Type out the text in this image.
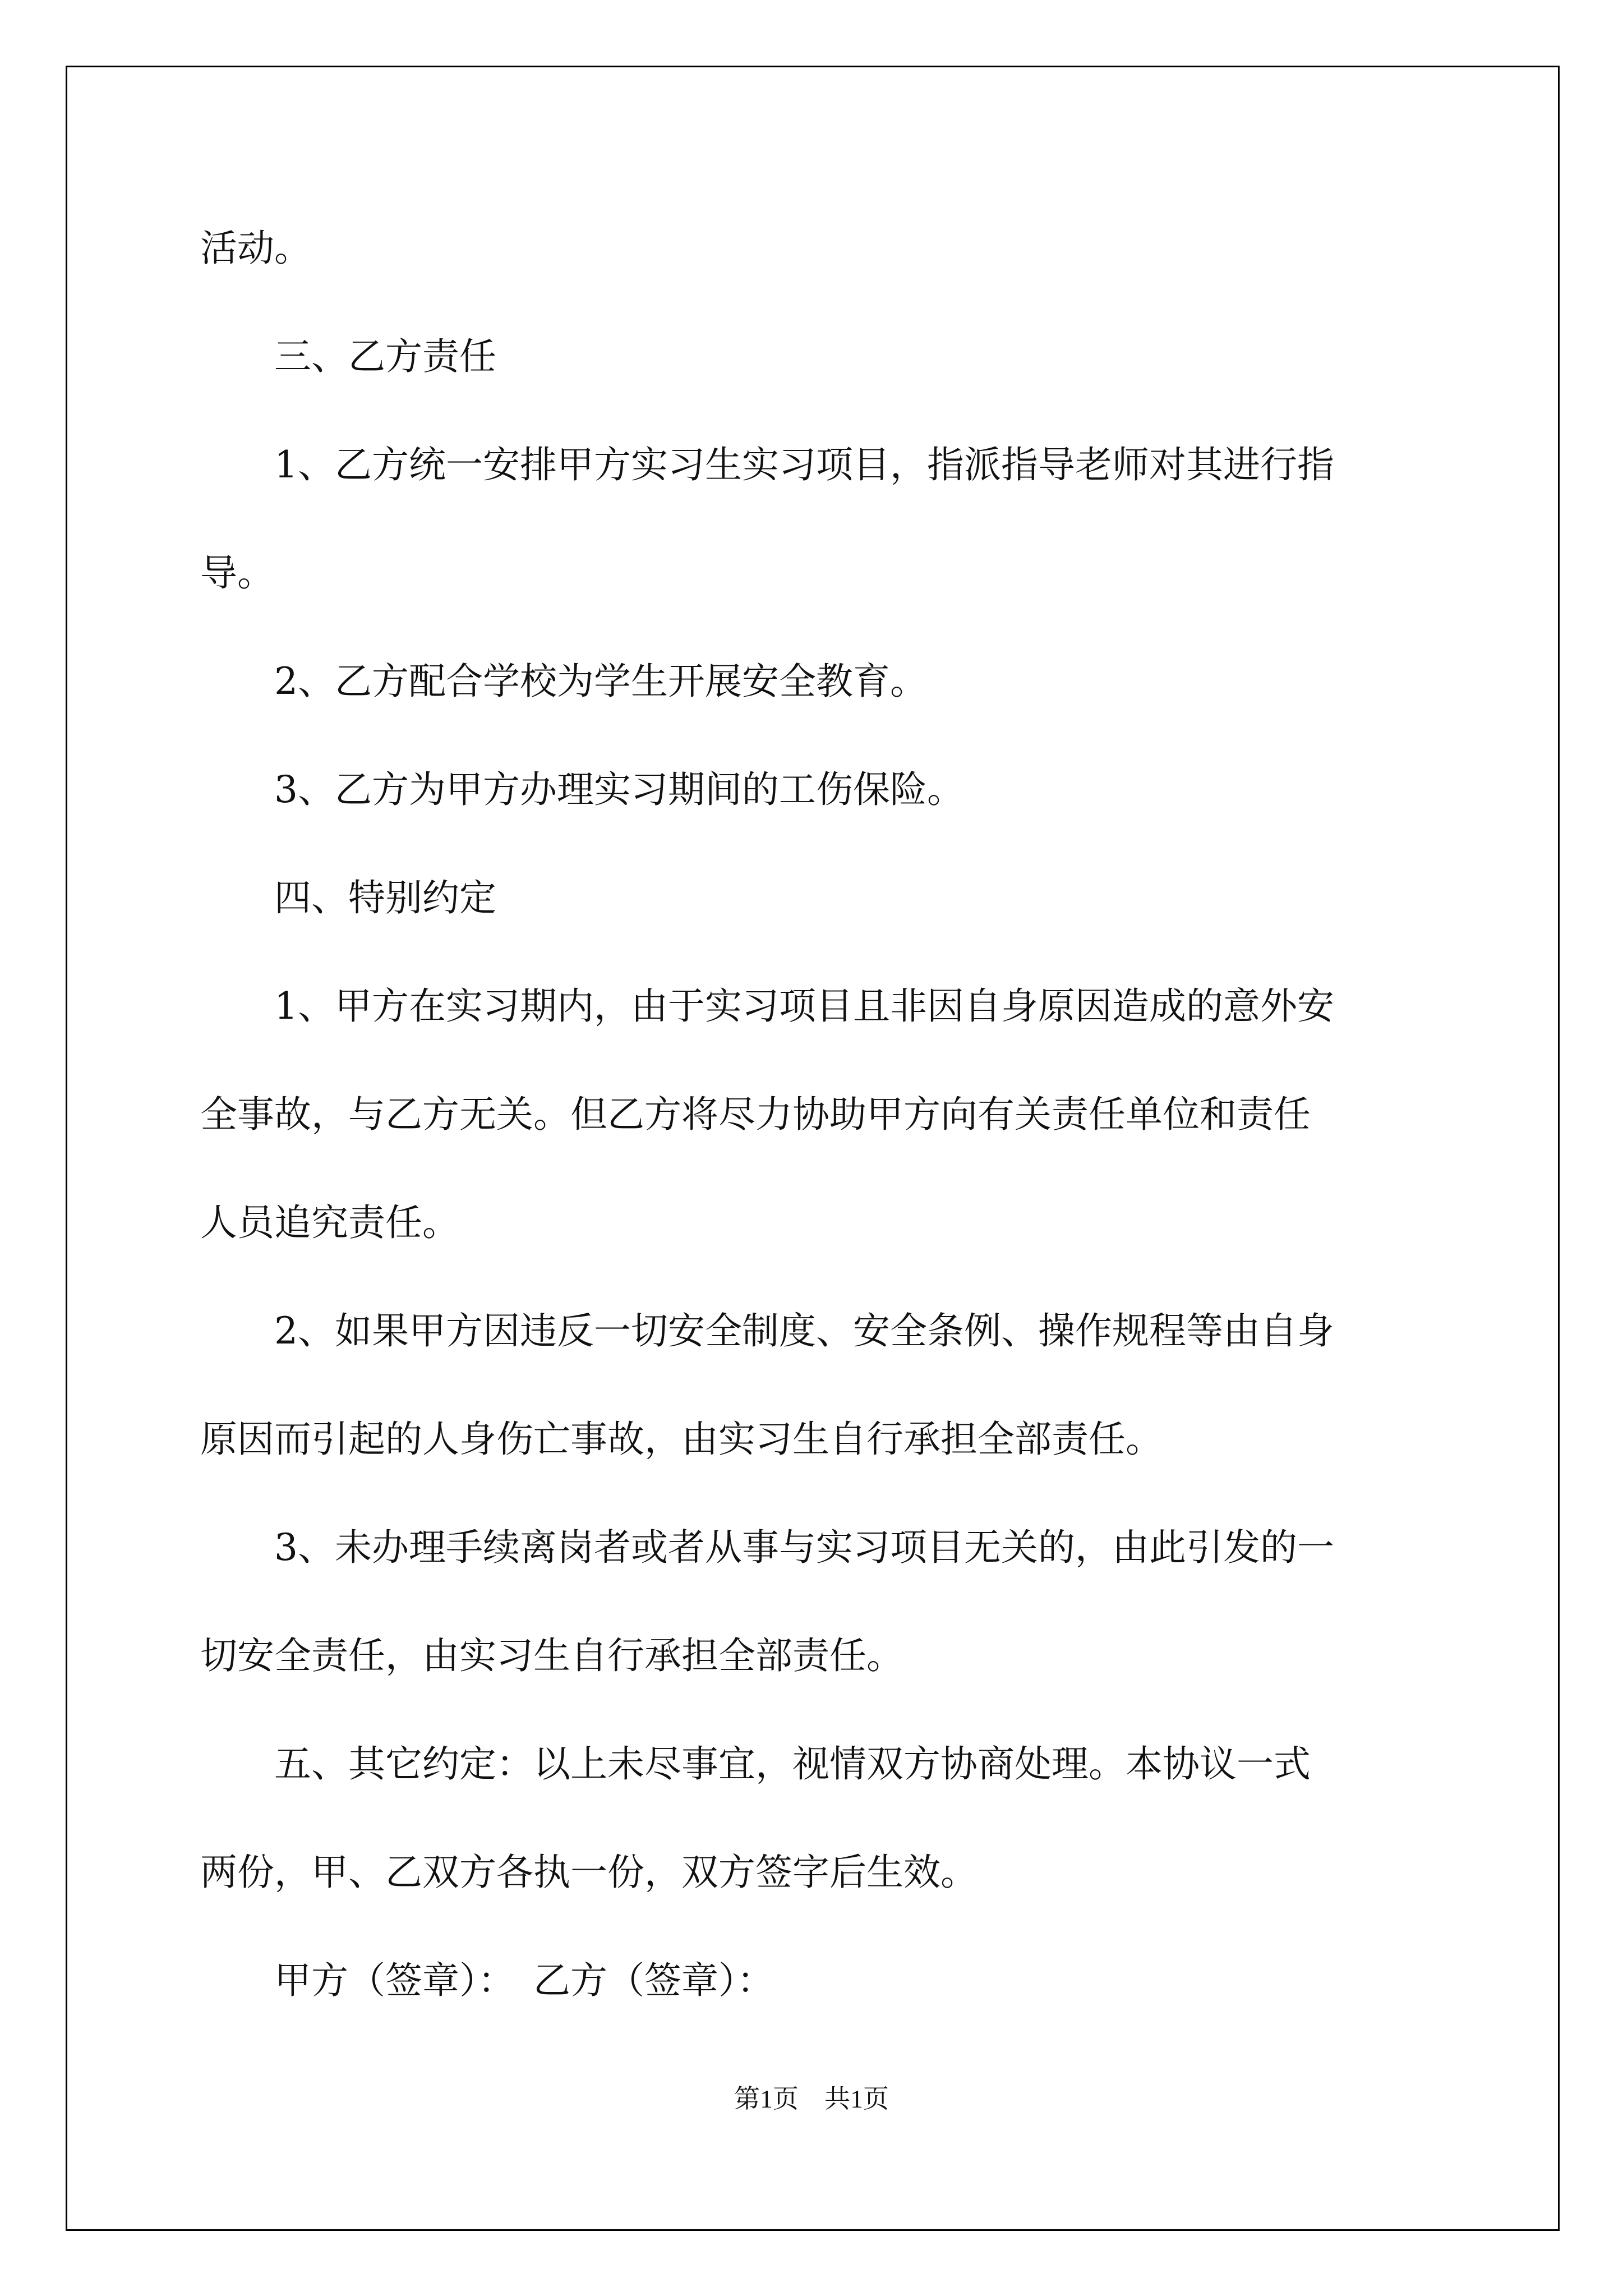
活动。
　　三、乙方责任
　　1、乙方统一安排甲方实习生实习项目，指派指导老师对其进行指
导。
　　2、乙方配合学校为学生开展安全教育。
　　3、乙方为甲方办理实习期间的工伤保险。
　　四、特别约定
　　1、甲方在实习期内，由于实习项目且非因自身原因造成的意外安
全事故，与乙方无关。但乙方将尽力协助甲方向有关责任单位和责任
人员追究责任。
　　2、如果甲方因违反一切安全制度、安全条例、操作规程等由自身
原因而引起的人身伤亡事故，由实习生自行承担全部责任。
　　3、未办理手续离岗者或者从事与实习项目无关的，由此引发的一
切安全责任，由实习生自行承担全部责任。
　　五、其它约定：以上未尽事宜，视情双方协商处理。本协议一式
两份，甲、乙双方各执一份，双方签字后生效。
　　甲方（签章）：　乙方（签章）：
第1页　共1页
